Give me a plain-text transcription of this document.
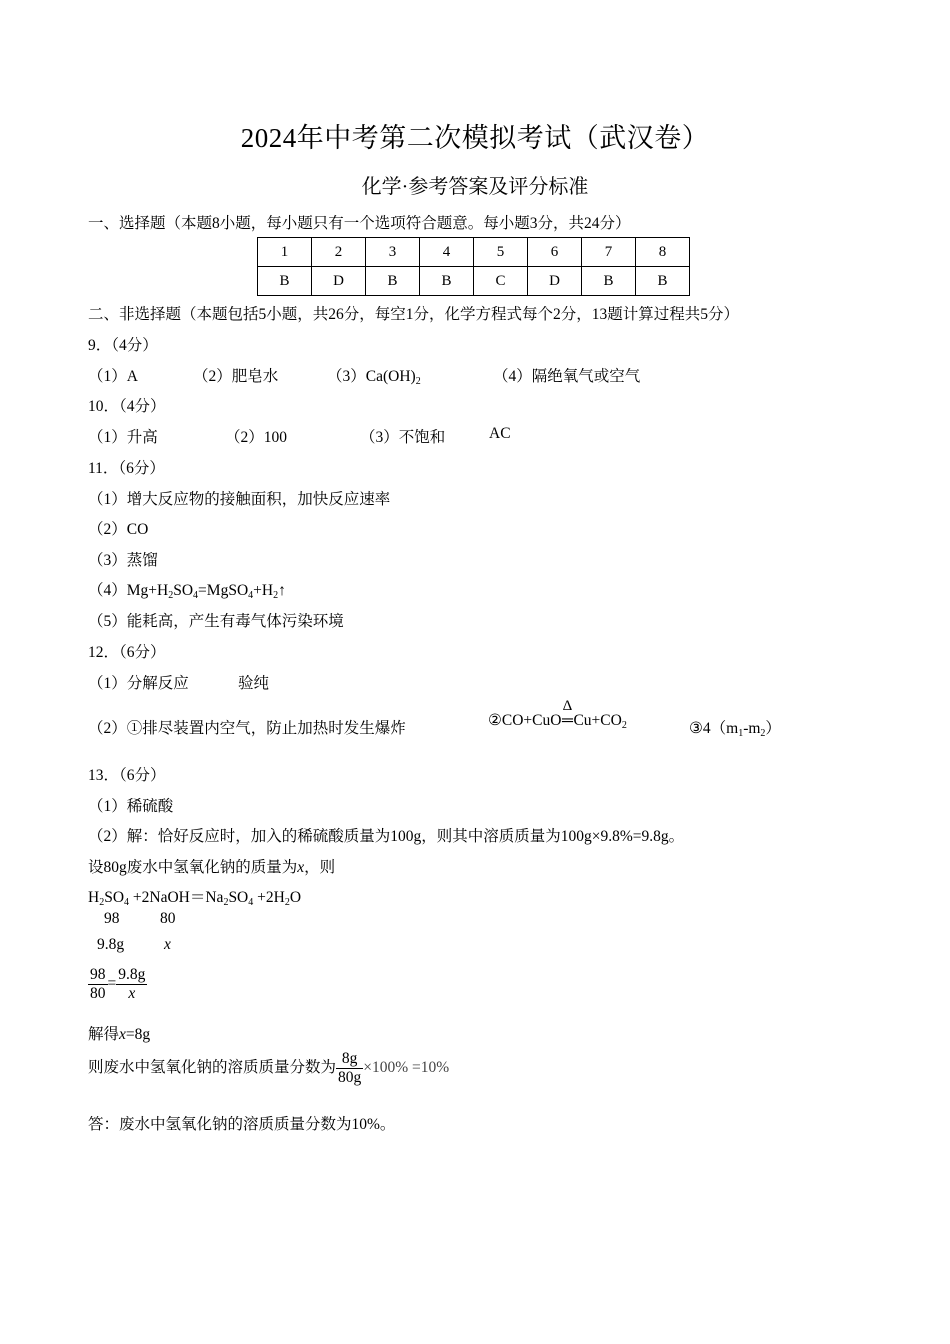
2024年中考第二次模拟考试（武汉卷）
化学·参考答案及评分标准
一、选择题（本题8小题，每小题只有一个选项符合题意。每小题3分，共24分）
1	2	3	4	5	6	7	8
B	D	B	B	C	D	B	B
二、非选择题（本题包括5小题，共26分，每空1分，化学方程式每个2分，13题计算过程共5分）
9．（4分）
（1）A	（2）肥皂水	$(3)Ca(OH)_2$	（4）隔绝氧气或空气
10．（4分）
（1）升高	（2）100	（3）不饱和	AC
11．（6分）
（1）增大反应物的接触面积，加快反应速率
（2）CO
（3）蒸馏
$(4)Mg+H_2SO_4=MgSO_4+H_2↑$
（5）能耗高，产生有毒气体污染环境
12．（6分）
（1）分解反应	验纯
（2）①排尽装置内空气，防止加热时发生爆炸	②CO+CuO
Δ
$═Cu+CO_2$	$③4(m_1-m_2)$
13．（6分）
（1）稀硫酸
（2）解：恰好反应时，加入的稀硫酸质量为100g，则其中溶质质量为100g×9.8%=9.8g。
设80g废水中氢氧化钠的质量为x，则
$H_2SO_4$ $+2NaOH=Na_2SO_4 +2H_2O$
98	80
9.8g	x
$\frac{98}{80} = \frac{9.8g}{x}$
解得x=8g
则废水中氢氧化钠的溶质质量分数为 $\frac{8g}{80g} \times 100\% =10\%$
答：废水中氢氧化钠的溶质质量分数为10%。
